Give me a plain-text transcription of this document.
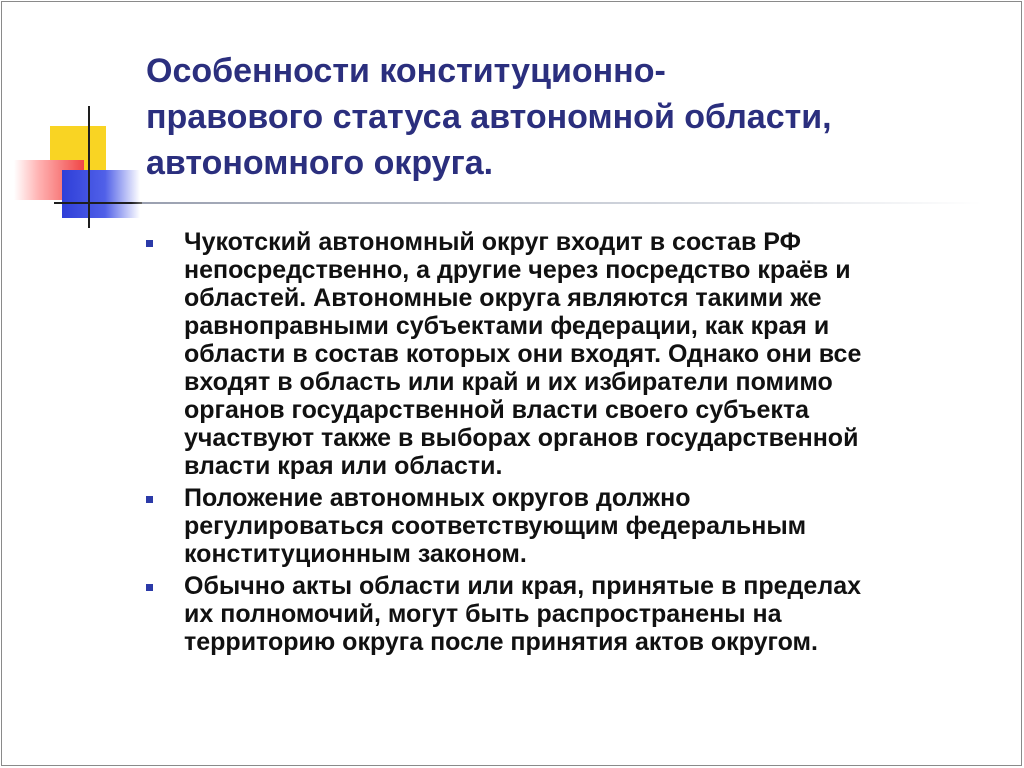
Особенности конституционно-
правового статуса автономной области,
автономного округа.
Чукотский автономный округ входит в состав РФ
непосредственно, а другие через посредство краёв и
областей. Автономные округа являются такими же
равноправными субъектами федерации, как края и
области в состав которых они входят. Однако они все
входят в область или край и их избиратели помимо
органов государственной власти своего субъекта
участвуют также в выборах органов государственной
власти края или области.
Положение автономных округов должно
регулироваться соответствующим федеральным
конституционным законом.
Обычно акты области или края, принятые в пределах
их полномочий, могут быть распространены на
территорию округа после принятия актов округом.
